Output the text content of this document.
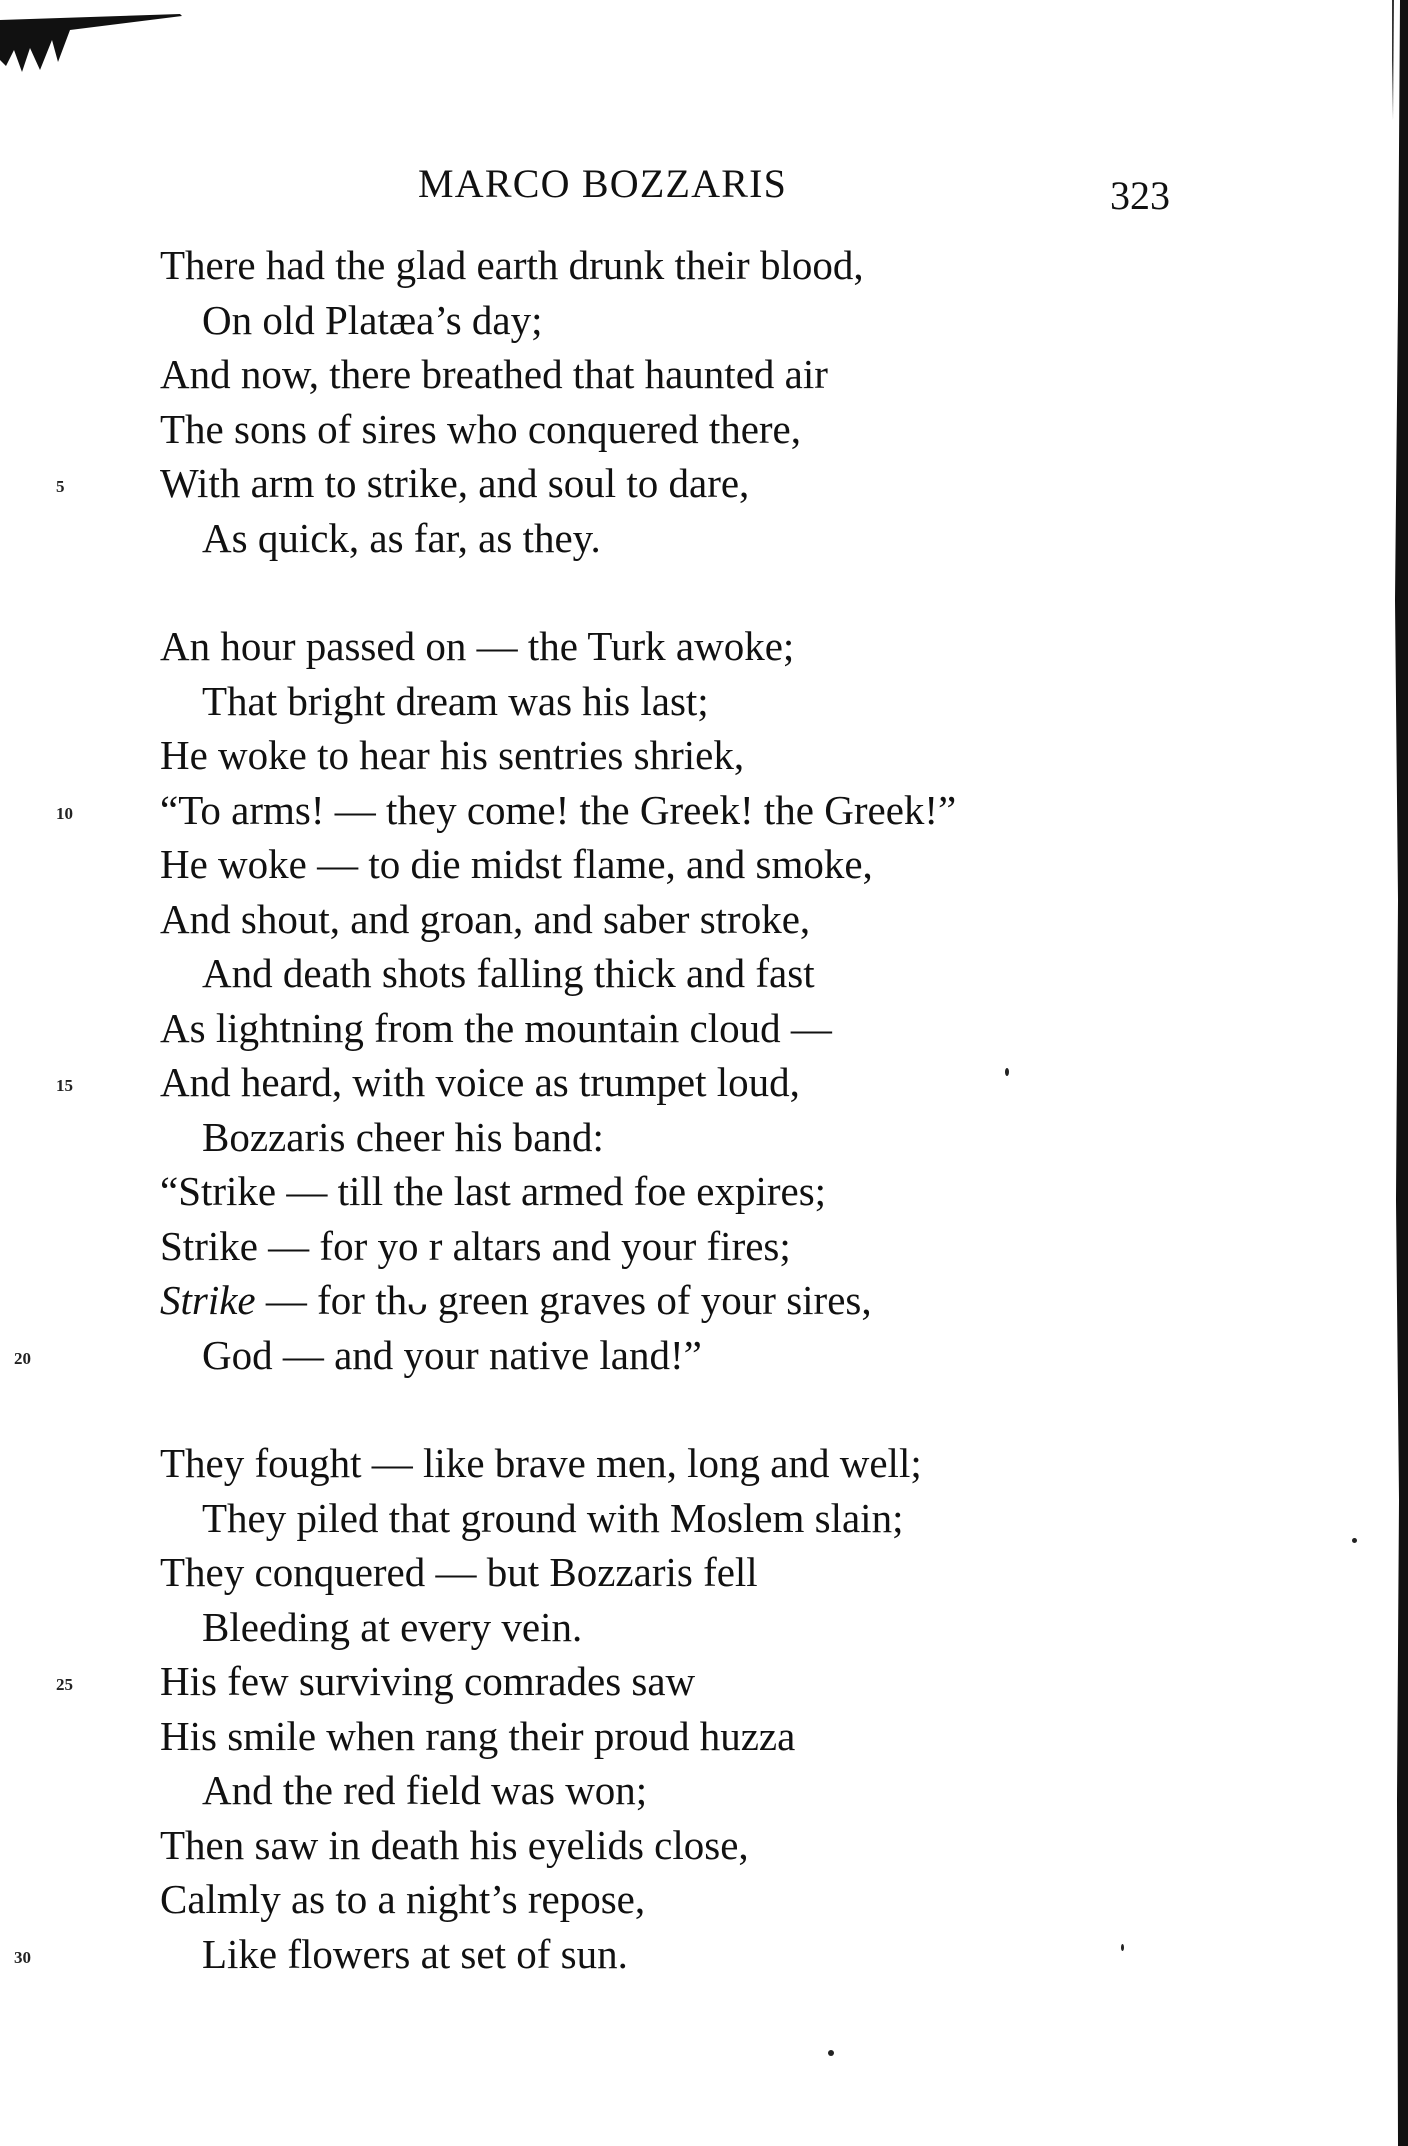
MARCO BOZZARIS	323
There had the glad earth drunk their blood,
On old Platæa’s day;
And now, there breathed that haunted air
The sons of sires who conquered there,
5 With arm to strike, and soul to dare,
As quick, as far, as they.
An hour passed on — the Turk awoke;
That bright dream was his last;
He woke to hear his sentries shriek,
10 “To arms! — they come! the Greek! the Greek!”
He woke — to die midst flame, and smoke,
And shout, and groan, and saber stroke,
And death shots falling thick and fast
As lightning from the mountain cloud —
15 And heard, with voice as trumpet loud,
Bozzaris cheer his band:
“Strike — till the last armed foe expires;
Strike — for yo r altars and your fires;
Strike — for thᴗ green graves of your sires,
20	God — and your native land!”
They fought — like brave men, long and well;
They piled that ground with Moslem slain;
They conquered — but Bozzaris fell
Bleeding at every vein.
25 His few surviving comrades saw
His smile when rang their proud huzza
And the red field was won;
Then saw in death his eyelids close,
Calmly as to a night’s repose,
30	Like flowers at set of sun.
